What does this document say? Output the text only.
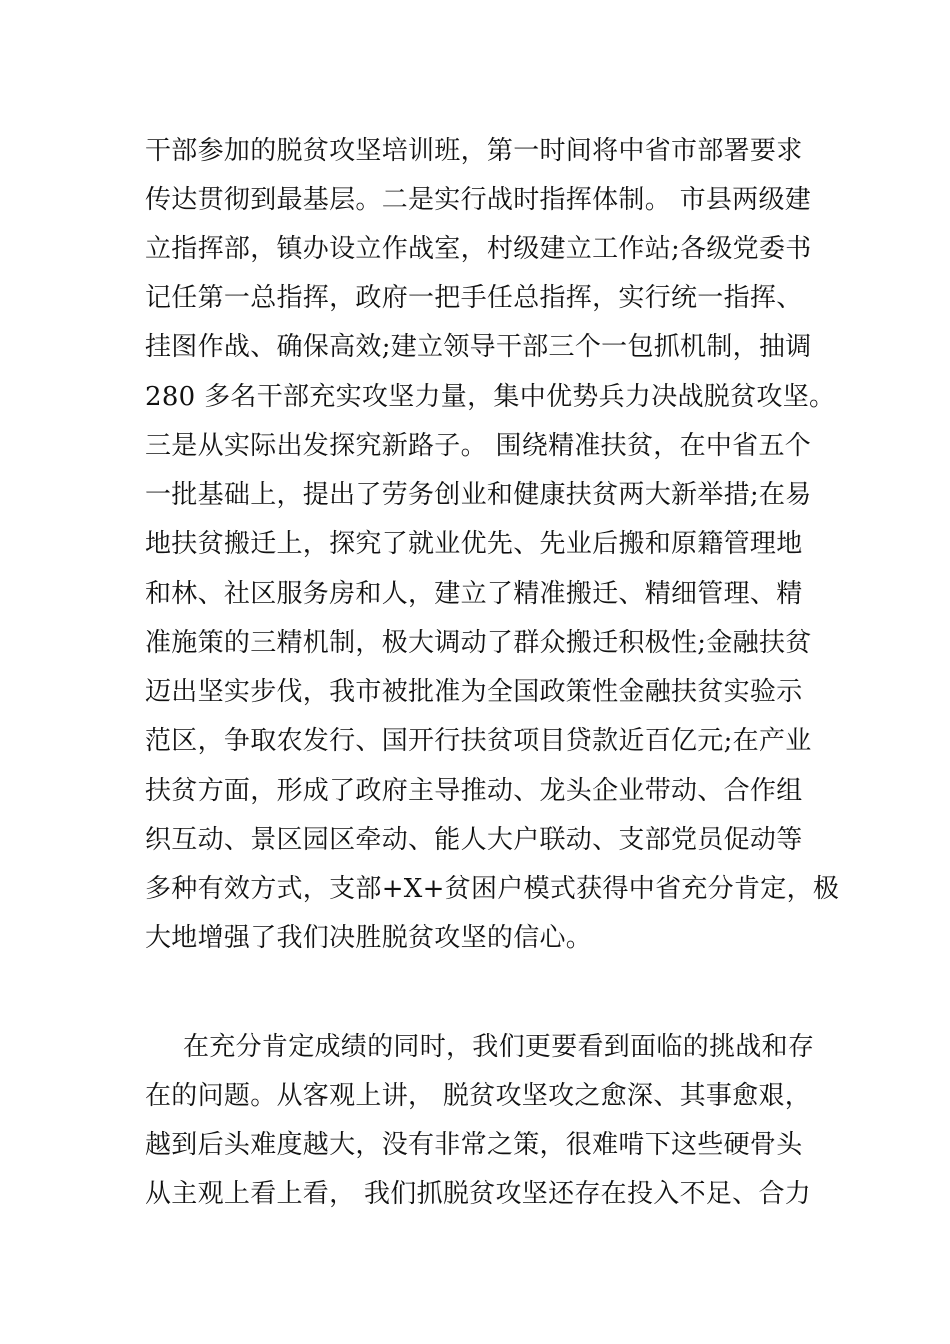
干部参加的脱贫攻坚培训班，第一时间将中省市部署要求
传达贯彻到最基层。二是实行战时指挥体制。 市县两级建
立指挥部，镇办设立作战室，村级建立工作站;各级党委书
记任第一总指挥，政府一把手任总指挥，实行统一指挥、
挂图作战、确保高效;建立领导干部三个一包抓机制，抽调
280 多名干部充实攻坚力量，集中优势兵力决战脱贫攻坚。
三是从实际出发探究新路子。 围绕精准扶贫，在中省五个
一批基础上，提出了劳务创业和健康扶贫两大新举措;在易
地扶贫搬迁上，探究了就业优先、先业后搬和原籍管理地
和林、社区服务房和人，建立了精准搬迁、精细管理、精
准施策的三精机制，极大调动了群众搬迁积极性;金融扶贫
迈出坚实步伐，我市被批准为全国政策性金融扶贫实验示
范区，争取农发行、国开行扶贫项目贷款近百亿元;在产业
扶贫方面，形成了政府主导推动、龙头企业带动、合作组
织互动、景区园区牵动、能人大户联动、支部党员促动等
多种有效方式，支部+X+贫困户模式获得中省充分肯定，极
大地增强了我们决胜脱贫攻坚的信心。
在充分肯定成绩的同时，我们更要看到面临的挑战和存
在的问题。从客观上讲， 脱贫攻坚攻之愈深、其事愈艰，
越到后头难度越大，没有非常之策，很难啃下这些硬骨头
从主观上看上看， 我们抓脱贫攻坚还存在投入不足、合力
